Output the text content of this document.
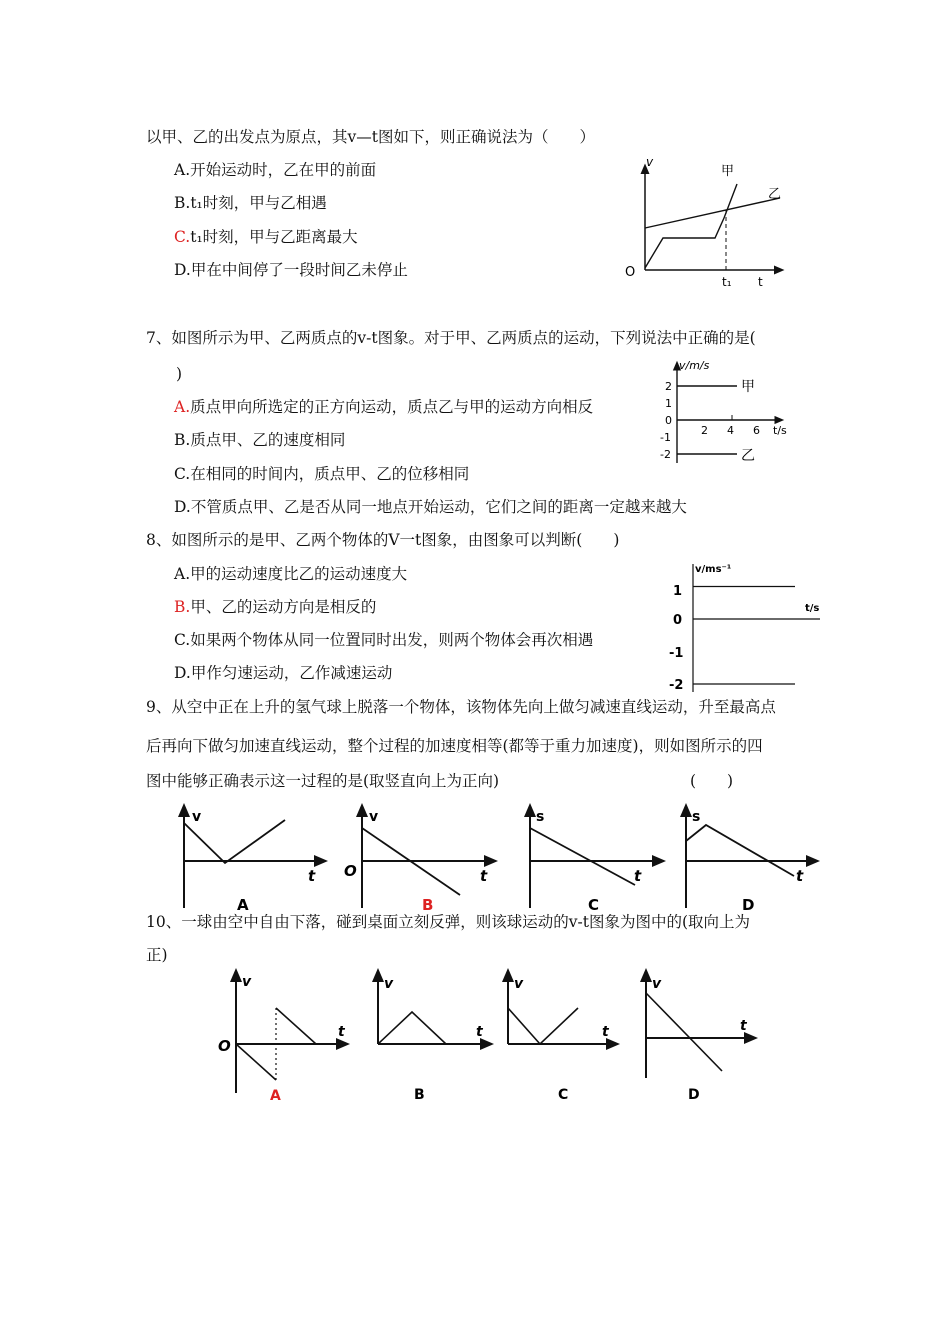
以甲、乙的出发点为原点，其v—t图如下，则正确说法为（　　）
A.开始运动时，乙在甲的前面
B.t₁时刻，甲与乙相遇
C.t₁时刻，甲与乙距离最大
D.甲在中间停了一段时间乙未停止
v
O
t
t₁
甲
乙
7、如图所示为甲、乙两质点的v-t图象。对于甲、乙两质点的运动，下列说法中正确的是(
)
A.质点甲向所选定的正方向运动，质点乙与甲的运动方向相反
B.质点甲、乙的速度相同
C.在相同的时间内，质点甲、乙的位移相同
D.不管质点甲、乙是否从同一地点开始运动，它们之间的距离一定越来越大
v/m/s
t/s
2
1
0
-1
-2
2 4 6
甲
乙
8、如图所示的是甲、乙两个物体的V一t图象，由图象可以判断(　　)
A.甲的运动速度比乙的运动速度大
B.甲、乙的运动方向是相反的
C.如果两个物体从同一位置同时出发，则两个物体会再次相遇
D.甲作匀速运动，乙作减速运动
v/ms⁻¹
t/s
1
0
-1
-2
9、从空中正在上升的氢气球上脱落一个物体，该物体先向上做匀减速直线运动，升至最高点
后再向下做匀加速直线运动，整个过程的加速度相等(都等于重力加速度)，则如图所示的四
图中能够正确表示这一过程的是(取竖直向上为正向)	(　　)
v
t
A
v
O	t
B
s
t
C
s
t
D
10、一球由空中自由下落，碰到桌面立刻反弹，则该球运动的v-t图象为图中的(取向上为
正)
v
O
t
A
v
t
B
v
t
C
v
t
D
